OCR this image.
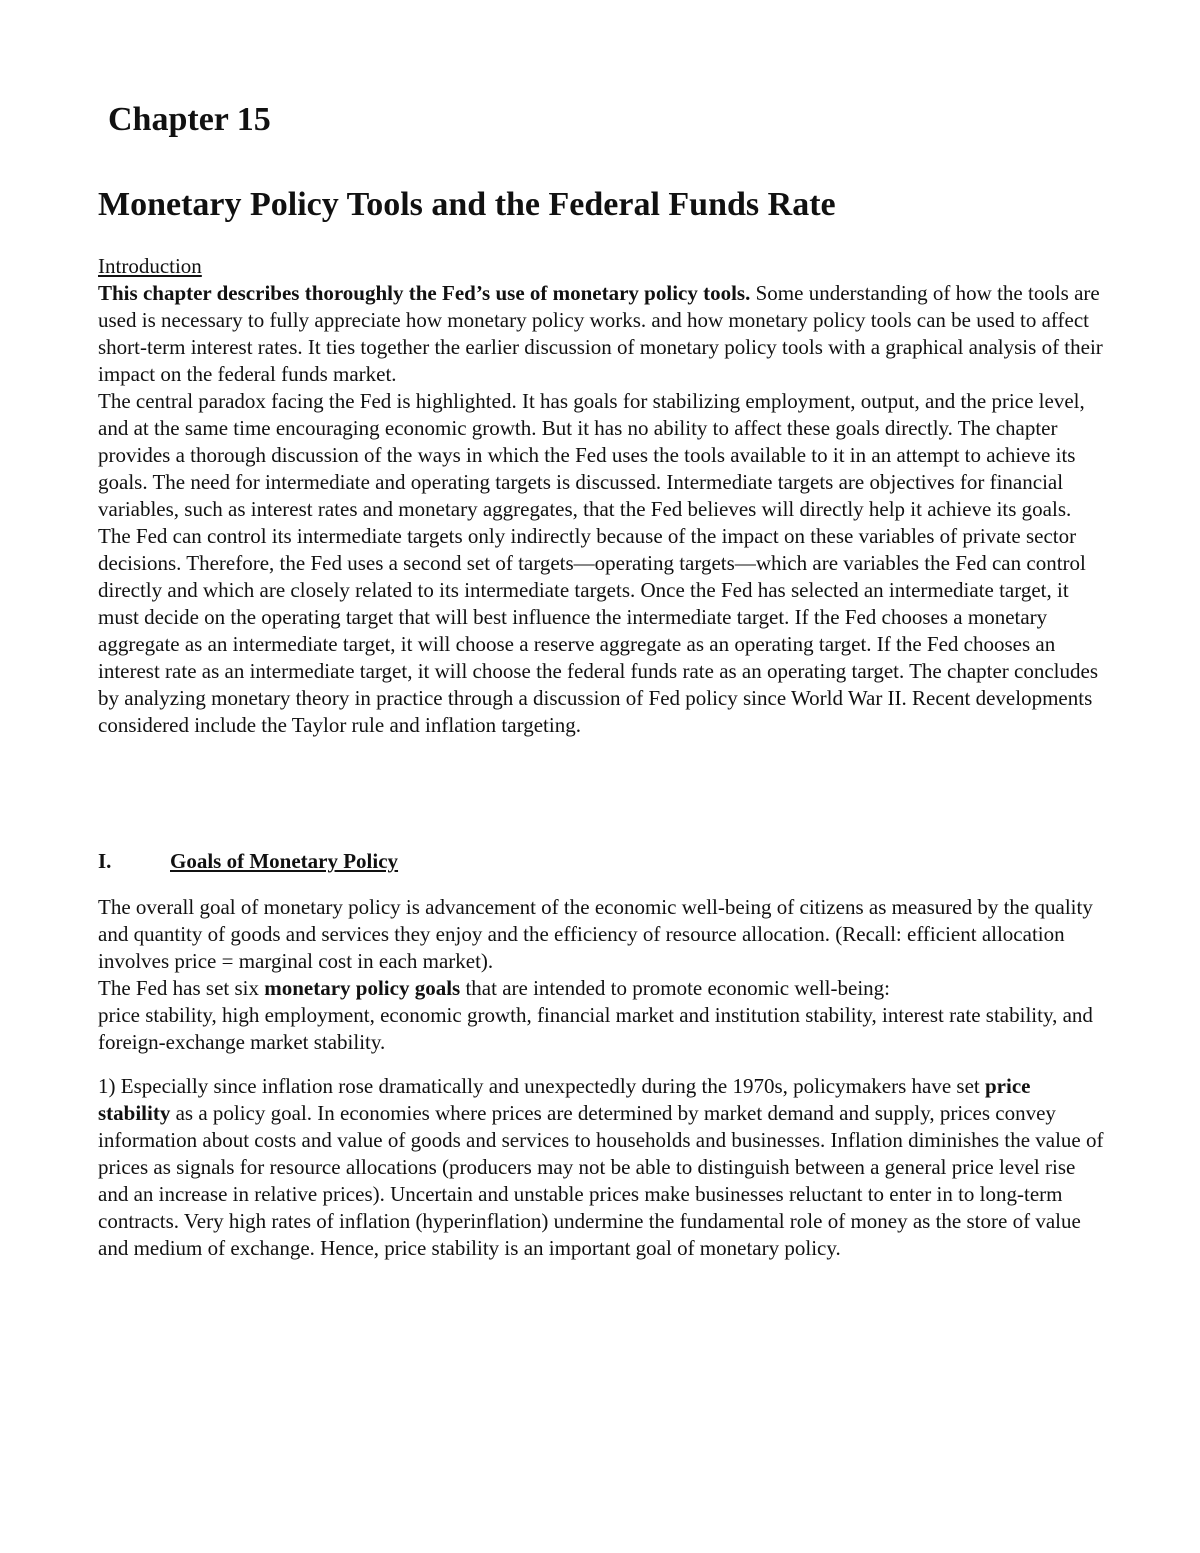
Chapter 15
Monetary Policy Tools and the Federal Funds Rate
Introduction

This chapter describes thoroughly the Fed’s use of monetary policy tools. Some understanding of how the tools are used is necessary to fully appreciate how monetary policy works. and how monetary policy tools can be used to affect short-term interest rates. It ties together the earlier discussion of monetary policy tools with a graphical analysis of their impact on the federal funds market.

The central paradox facing the Fed is highlighted. It has goals for stabilizing employment, output, and the price level, and at the same time encouraging economic growth. But it has no ability to affect these goals directly. The chapter provides a thorough discussion of the ways in which the Fed uses the tools available to it in an attempt to achieve its goals. The need for intermediate and operating targets is discussed. Intermediate targets are objectives for financial variables, such as interest rates and monetary aggregates, that the Fed believes will directly help it achieve its goals. The Fed can control its intermediate targets only indirectly because of the impact on these variables of private sector decisions. Therefore, the Fed uses a second set of targets—operating targets—which are variables the Fed can control directly and which are closely related to its intermediate targets. Once the Fed has selected an intermediate target, it must decide on the operating target that will best influence the intermediate target. If the Fed chooses a monetary aggregate as an intermediate target, it will choose a reserve aggregate as an operating target. If the Fed chooses an interest rate as an intermediate target, it will choose the federal funds rate as an operating target. The chapter concludes by analyzing monetary theory in practice through a discussion of Fed policy since World War II. Recent developments considered include the Taylor rule and inflation targeting.

I.	Goals of Monetary Policy

The overall goal of monetary policy is advancement of the economic well-being of citizens as measured by the quality and quantity of goods and services they enjoy and the efficiency of resource allocation. (Recall: efficient allocation involves price = marginal cost in each market).

The Fed has set six monetary policy goals that are intended to promote economic well-being:

price stability, high employment, economic growth, financial market and institution stability, interest rate stability, and foreign-exchange market stability.

1) Especially since inflation rose dramatically and unexpectedly during the 1970s, policymakers have set price stability as a policy goal. In economies where prices are determined by market demand and supply, prices convey information about costs and value of goods and services to households and businesses. Inflation diminishes the value of prices as signals for resource allocations (producers may not be able to distinguish between a general price level rise and an increase in relative prices). Uncertain and unstable prices make businesses reluctant to enter in to long-term contracts. Very high rates of inflation (hyperinflation) undermine the fundamental role of money as the store of value and medium of exchange. Hence, price stability is an important goal of monetary policy.
